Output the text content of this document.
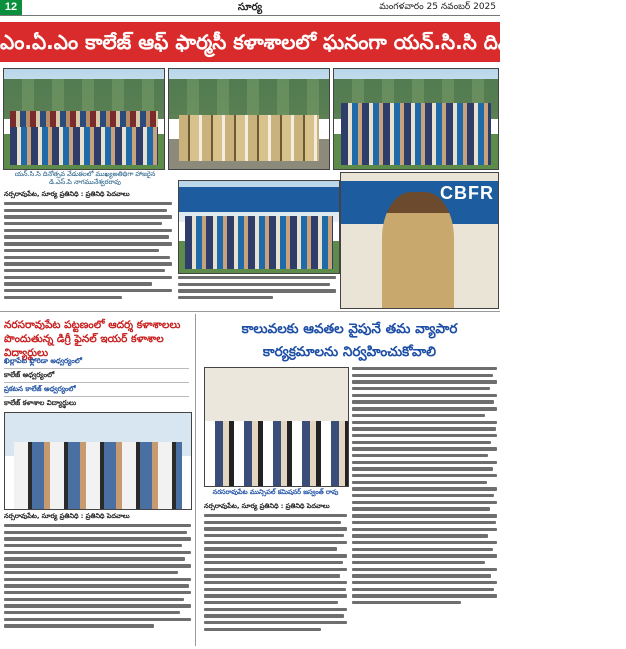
12	సూర్య	మంగళవారం 25 నవంబర్ 2025
ఎం.ఏ.ఎం కాలేజ్ ఆఫ్ ఫార్మసీ కళాశాలలో ఘనంగా యన్.సి.సి దినోత్సవ వేడుకలు
యన్.సి.సి దినోత్సవ వేడుకలలో ముఖ్యఅతిథిగా హాజరైన డి.ఎస్.పి నాగమునేశ్వరరావు
CBFR
నర్సరావుపేట, సూర్య ప్రతినిధి : ప్రతినిధి పెదవాలు
నరసరావుపేట పట్టణంలో ఆదర్శ కళాశాలలు పొందుతున్న డిగ్రీ ఫైనల్ ఇయర్ కళాశాల విద్యార్థులు
ఖిల్లాపేట ఫ్లోరిడా అధ్వర్యంలో
కాలేజ్ అధ్వర్యంలో
ప్రకటన కాలేజ్ అధ్వర్యంలో
కాలేజ్ కళాశాల విద్యార్థులు
నర్సరావుపేట, సూర్య ప్రతినిధి : ప్రతినిధి పెదవాలు
కాలువలకు ఆవతల వైపునే తమ వ్యాపార కార్యక్రమాలను నిర్వహించుకోవాలి
నరసరావుపేట మున్సిపల్ కమిషనర్ జస్వంత్ రావు
నర్సరావుపేట, సూర్య ప్రతినిధి : ప్రతినిధి పెదవాలు
